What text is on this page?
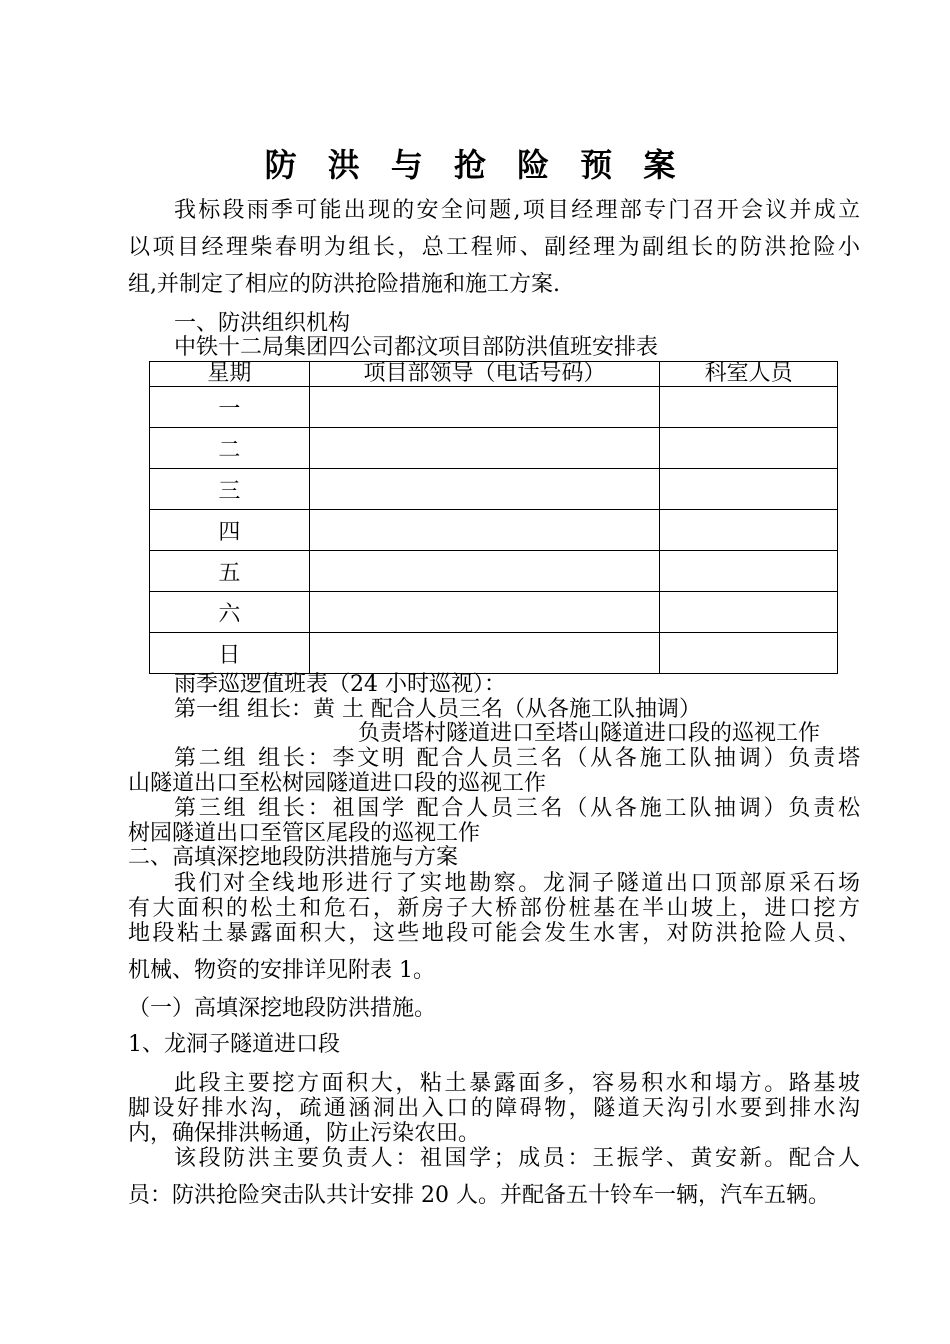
防 洪 与 抢 险 预 案
我标段雨季可能出现的安全问题,项目经理部专门召开会议并成立
以项目经理柴春明为组长，总工程师、副经理为副组长的防洪抢险小
组,并制定了相应的防洪抢险措施和施工方案.
一、防洪组织机构
中铁十二局集团四公司都汶项目部防洪值班安排表
星期	项目部领导（电话号码）	科室人员
一		
二		
三		
四		
五		
六		
日		
雨季巡逻值班表（24 小时巡视）：
第一组 组长：黄 土 配合人员三名（从各施工队抽调）
负责塔村隧道进口至塔山隧道进口段的巡视工作
第二组 组长：李文明 配合人员三名（从各施工队抽调）负责塔
山隧道出口至松树园隧道进口段的巡视工作
第三组 组长：祖国学 配合人员三名（从各施工队抽调）负责松
树园隧道出口至管区尾段的巡视工作
二、高填深挖地段防洪措施与方案
我们对全线地形进行了实地勘察。龙洞子隧道出口顶部原采石场
有大面积的松土和危石，新房子大桥部份桩基在半山坡上，进口挖方
地段粘土暴露面积大，这些地段可能会发生水害，对防洪抢险人员、
机械、物资的安排详见附表 1。
（一）高填深挖地段防洪措施。
1、龙洞子隧道进口段
此段主要挖方面积大，粘土暴露面多，容易积水和塌方。路基坡
脚设好排水沟，疏通涵洞出入口的障碍物，隧道天沟引水要到排水沟
内，确保排洪畅通，防止污染农田。
该段防洪主要负责人：祖国学；成员：王振学、黄安新。配合人
员：防洪抢险突击队共计安排 20 人。并配备五十铃车一辆，汽车五辆。
